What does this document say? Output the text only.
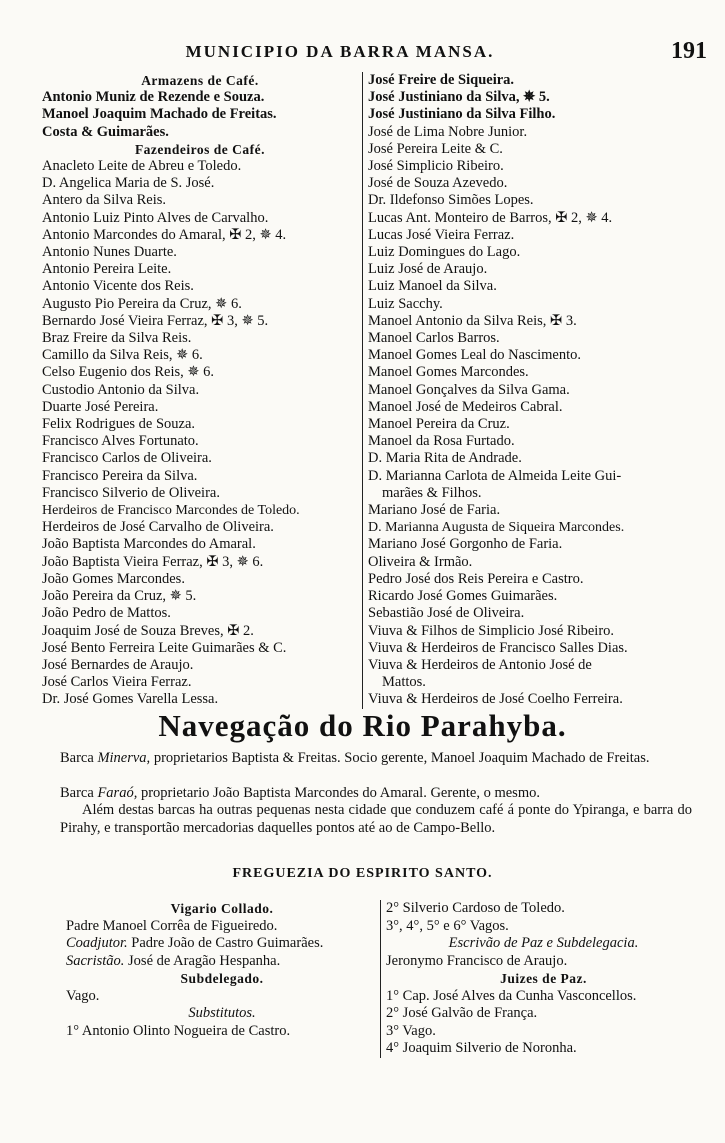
MUNICIPIO DA BARRA MANSA.	191
Armazens de Café.
Antonio Muniz de Rezende e Souza.
Manoel Joaquim Machado de Freitas.
Costa & Guimarães.
Fazendeiros de Café.
Anacleto Leite de Abreu e Toledo.
D. Angelica Maria de S. José.
Antero da Silva Reis.
Antonio Luiz Pinto Alves de Carvalho.
Antonio Marcondes do Amaral, ✠ 2, ✵ 4.
Antonio Nunes Duarte.
Antonio Pereira Leite.
Antonio Vicente dos Reis.
Augusto Pio Pereira da Cruz, ✵ 6.
Bernardo José Vieira Ferraz, ✠ 3, ✵ 5.
Braz Freire da Silva Reis.
Camillo da Silva Reis, ✵ 6.
Celso Eugenio dos Reis, ✵ 6.
Custodio Antonio da Silva.
Duarte José Pereira.
Felix Rodrigues de Souza.
Francisco Alves Fortunato.
Francisco Carlos de Oliveira.
Francisco Pereira da Silva.
Francisco Silverio de Oliveira.
Herdeiros de Francisco Marcondes de Toledo.
Herdeiros de José Carvalho de Oliveira.
João Baptista Marcondes do Amaral.
João Baptista Vieira Ferraz, ✠ 3, ✵ 6.
João Gomes Marcondes.
João Pereira da Cruz, ✵ 5.
João Pedro de Mattos.
Joaquim José de Souza Breves, ✠ 2.
José Bento Ferreira Leite Guimarães & C.
José Bernardes de Araujo.
José Carlos Vieira Ferraz.
Dr. José Gomes Varella Lessa.
José Freire de Siqueira.
José Justiniano da Silva, ✵ 5.
José Justiniano da Silva Filho.
José de Lima Nobre Junior.
José Pereira Leite & C.
José Simplicio Ribeiro.
José de Souza Azevedo.
Dr. Ildefonso Simões Lopes.
Lucas Ant. Monteiro de Barros, ✠ 2, ✵ 4.
Lucas José Vieira Ferraz.
Luiz Domingues do Lago.
Luiz José de Araujo.
Luiz Manoel da Silva.
Luiz Sacchy.
Manoel Antonio da Silva Reis, ✠ 3.
Manoel Carlos Barros.
Manoel Gomes Leal do Nascimento.
Manoel Gomes Marcondes.
Manoel Gonçalves da Silva Gama.
Manoel José de Medeiros Cabral.
Manoel Pereira da Cruz.
Manoel da Rosa Furtado.
D. Maria Rita de Andrade.
D. Marianna Carlota de Almeida Leite Gui-
marães & Filhos.
Mariano José de Faria.
D. Marianna Augusta de Siqueira Marcondes.
Mariano José Gorgonho de Faria.
Oliveira & Irmão.
Pedro José dos Reis Pereira e Castro.
Ricardo José Gomes Guimarães.
Sebastião José de Oliveira.
Viuva & Filhos de Simplicio José Ribeiro.
Viuva & Herdeiros de Francisco Salles Dias.
Viuva & Herdeiros de Antonio José de
Mattos.
Viuva & Herdeiros de José Coelho Ferreira.
Navegação do Rio Parahyba.
Barca Minerva, proprietarios Baptista & Freitas. Socio gerente, Manoel Joaquim Machado de Freitas.
Barca Faraó, proprietario João Baptista Marcondes do Amaral. Gerente, o mesmo.
Além destas barcas ha outras pequenas nesta cidade que conduzem café á ponte do Ypiranga, e barra do Pirahy, e transportão mercadorias daquelles pontos até ao de Campo-Bello.
FREGUEZIA DO ESPIRITO SANTO.
Vigario Collado.
Padre Manoel Corrêa de Figueiredo.
Coadjutor. Padre João de Castro Guimarães.
Sacristão. José de Aragão Hespanha.
Subdelegado.
Vago.
Substitutos.
1° Antonio Olinto Nogueira de Castro.
2° Silverio Cardoso de Toledo.
3°, 4°, 5° e 6° Vagos.
Escrivão de Paz e Subdelegacia.
Jeronymo Francisco de Araujo.
Juizes de Paz.
1° Cap. José Alves da Cunha Vasconcellos.
2° José Galvão de França.
3° Vago.
4° Joaquim Silverio de Noronha.
